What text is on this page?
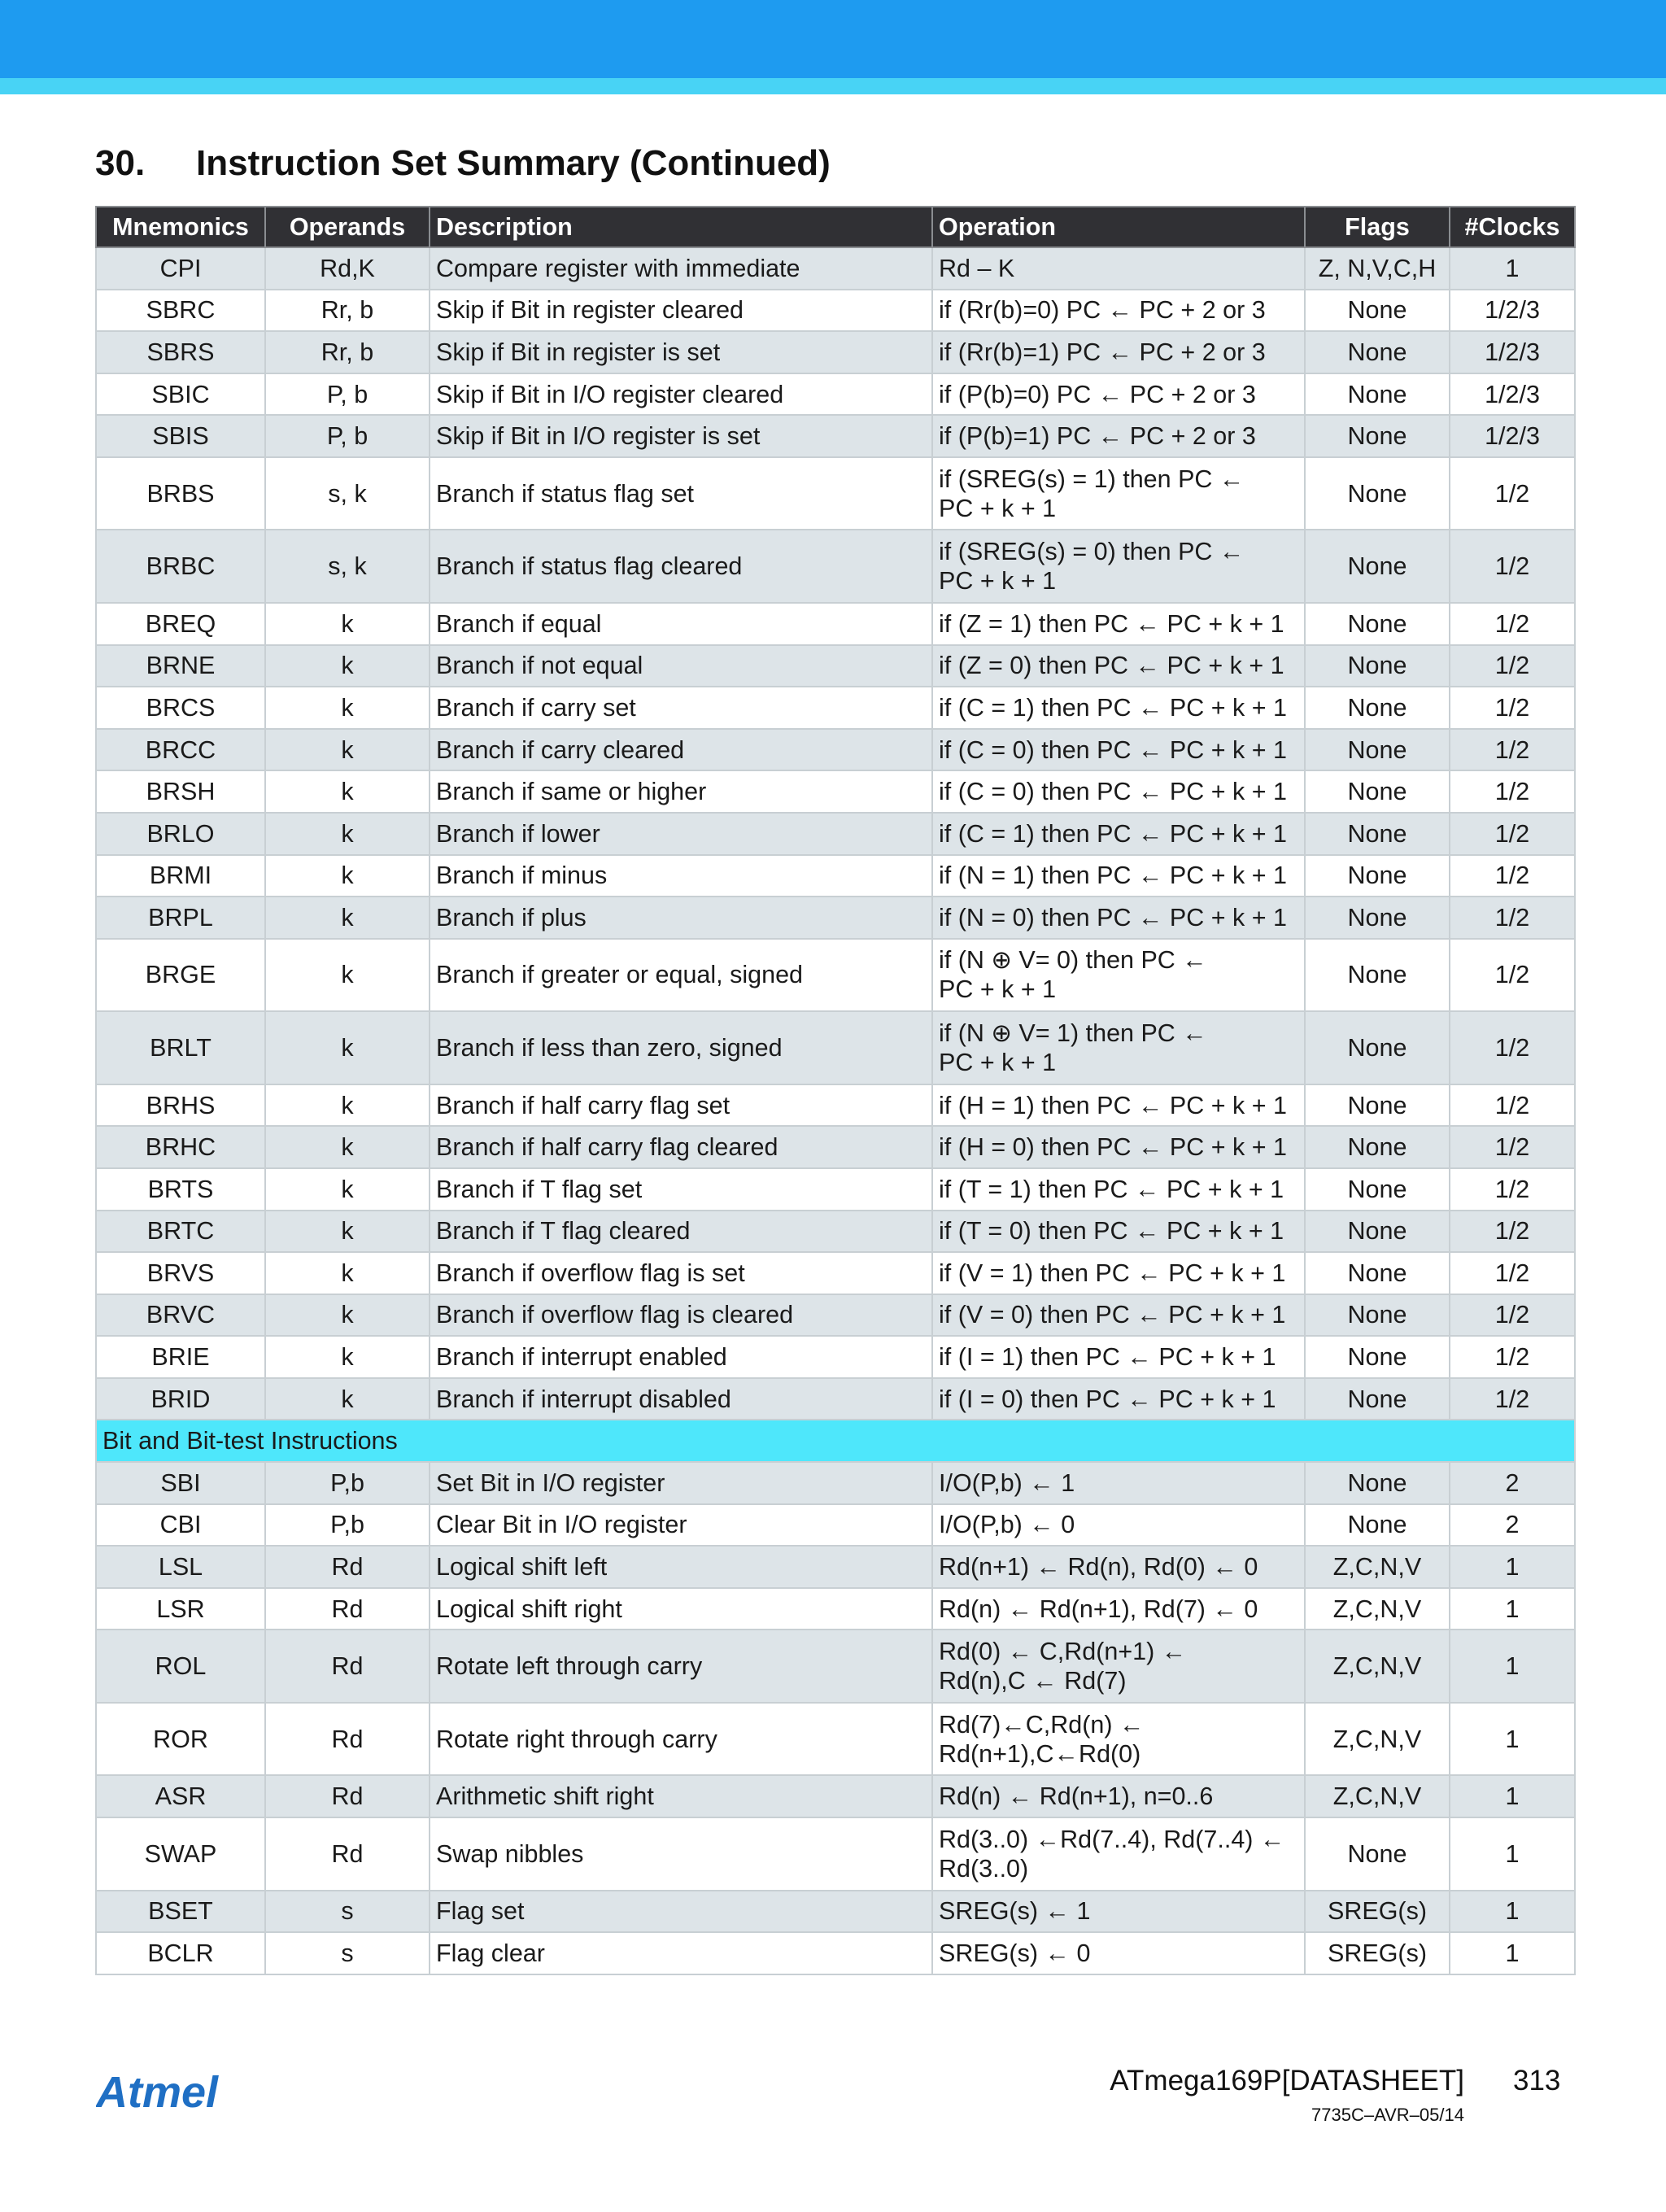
30.	Instruction Set Summary (Continued)
Mnemonics	Operands	Description	Operation	Flags	#Clocks
CPI	Rd,K	Compare register with immediate	Rd – K	Z, N,V,C,H	1
SBRC	Rr, b	Skip if Bit in register cleared	if (Rr(b)=0) PC ← PC + 2 or 3	None	1/2/3
SBRS	Rr, b	Skip if Bit in register is set	if (Rr(b)=1) PC ← PC + 2 or 3	None	1/2/3
SBIC	P, b	Skip if Bit in I/O register cleared	if (P(b)=0) PC ← PC + 2 or 3	None	1/2/3
SBIS	P, b	Skip if Bit in I/O register is set	if (P(b)=1) PC ← PC + 2 or 3	None	1/2/3
BRBS	s, k	Branch if status flag set	if (SREG(s) = 1) then PC ←
PC + k + 1	None	1/2
BRBC	s, k	Branch if status flag cleared	if (SREG(s) = 0) then PC ←
PC + k + 1	None	1/2
BREQ	k	Branch if equal	if (Z = 1) then PC ← PC + k + 1	None	1/2
BRNE	k	Branch if not equal	if (Z = 0) then PC ← PC + k + 1	None	1/2
BRCS	k	Branch if carry set	if (C = 1) then PC ← PC + k + 1	None	1/2
BRCC	k	Branch if carry cleared	if (C = 0) then PC ← PC + k + 1	None	1/2
BRSH	k	Branch if same or higher	if (C = 0) then PC ← PC + k + 1	None	1/2
BRLO	k	Branch if lower	if (C = 1) then PC ← PC + k + 1	None	1/2
BRMI	k	Branch if minus	if (N = 1) then PC ← PC + k + 1	None	1/2
BRPL	k	Branch if plus	if (N = 0) then PC ← PC + k + 1	None	1/2
BRGE	k	Branch if greater or equal, signed	if (N ⊕ V= 0) then PC ←
PC + k + 1	None	1/2
BRLT	k	Branch if less than zero, signed	if (N ⊕ V= 1) then PC ←
PC + k + 1	None	1/2
BRHS	k	Branch if half carry flag set	if (H = 1) then PC ← PC + k + 1	None	1/2
BRHC	k	Branch if half carry flag cleared	if (H = 0) then PC ← PC + k + 1	None	1/2
BRTS	k	Branch if T flag set	if (T = 1) then PC ← PC + k + 1	None	1/2
BRTC	k	Branch if T flag cleared	if (T = 0) then PC ← PC + k + 1	None	1/2
BRVS	k	Branch if overflow flag is set	if (V = 1) then PC ← PC + k + 1	None	1/2
BRVC	k	Branch if overflow flag is cleared	if (V = 0) then PC ← PC + k + 1	None	1/2
BRIE	k	Branch if interrupt enabled	if (I = 1) then PC ← PC + k + 1	None	1/2
BRID	k	Branch if interrupt disabled	if (I = 0) then PC ← PC + k + 1	None	1/2
Bit and Bit-test Instructions					
SBI	P,b	Set Bit in I/O register	I/O(P,b) ← 1	None	2
CBI	P,b	Clear Bit in I/O register	I/O(P,b) ← 0	None	2
LSL	Rd	Logical shift left	Rd(n+1) ← Rd(n), Rd(0) ← 0	Z,C,N,V	1
LSR	Rd	Logical shift right	Rd(n) ← Rd(n+1), Rd(7) ← 0	Z,C,N,V	1
ROL	Rd	Rotate left through carry	Rd(0) ← C,Rd(n+1) ←
Rd(n),C ← Rd(7)	Z,C,N,V	1
ROR	Rd	Rotate right through carry	Rd(7)←C,Rd(n) ←
Rd(n+1),C←Rd(0)	Z,C,N,V	1
ASR	Rd	Arithmetic shift right	Rd(n) ← Rd(n+1), n=0..6	Z,C,N,V	1
SWAP	Rd	Swap nibbles	Rd(3..0) ←Rd(7..4), Rd(7..4) ←
Rd(3..0)	None	1
BSET	s	Flag set	SREG(s) ← 1	SREG(s)	1
BCLR	s	Flag clear	SREG(s) ← 0	SREG(s)	1
Atmel	ATmega169P[DATASHEET] 313
7735C–AVR–05/14
